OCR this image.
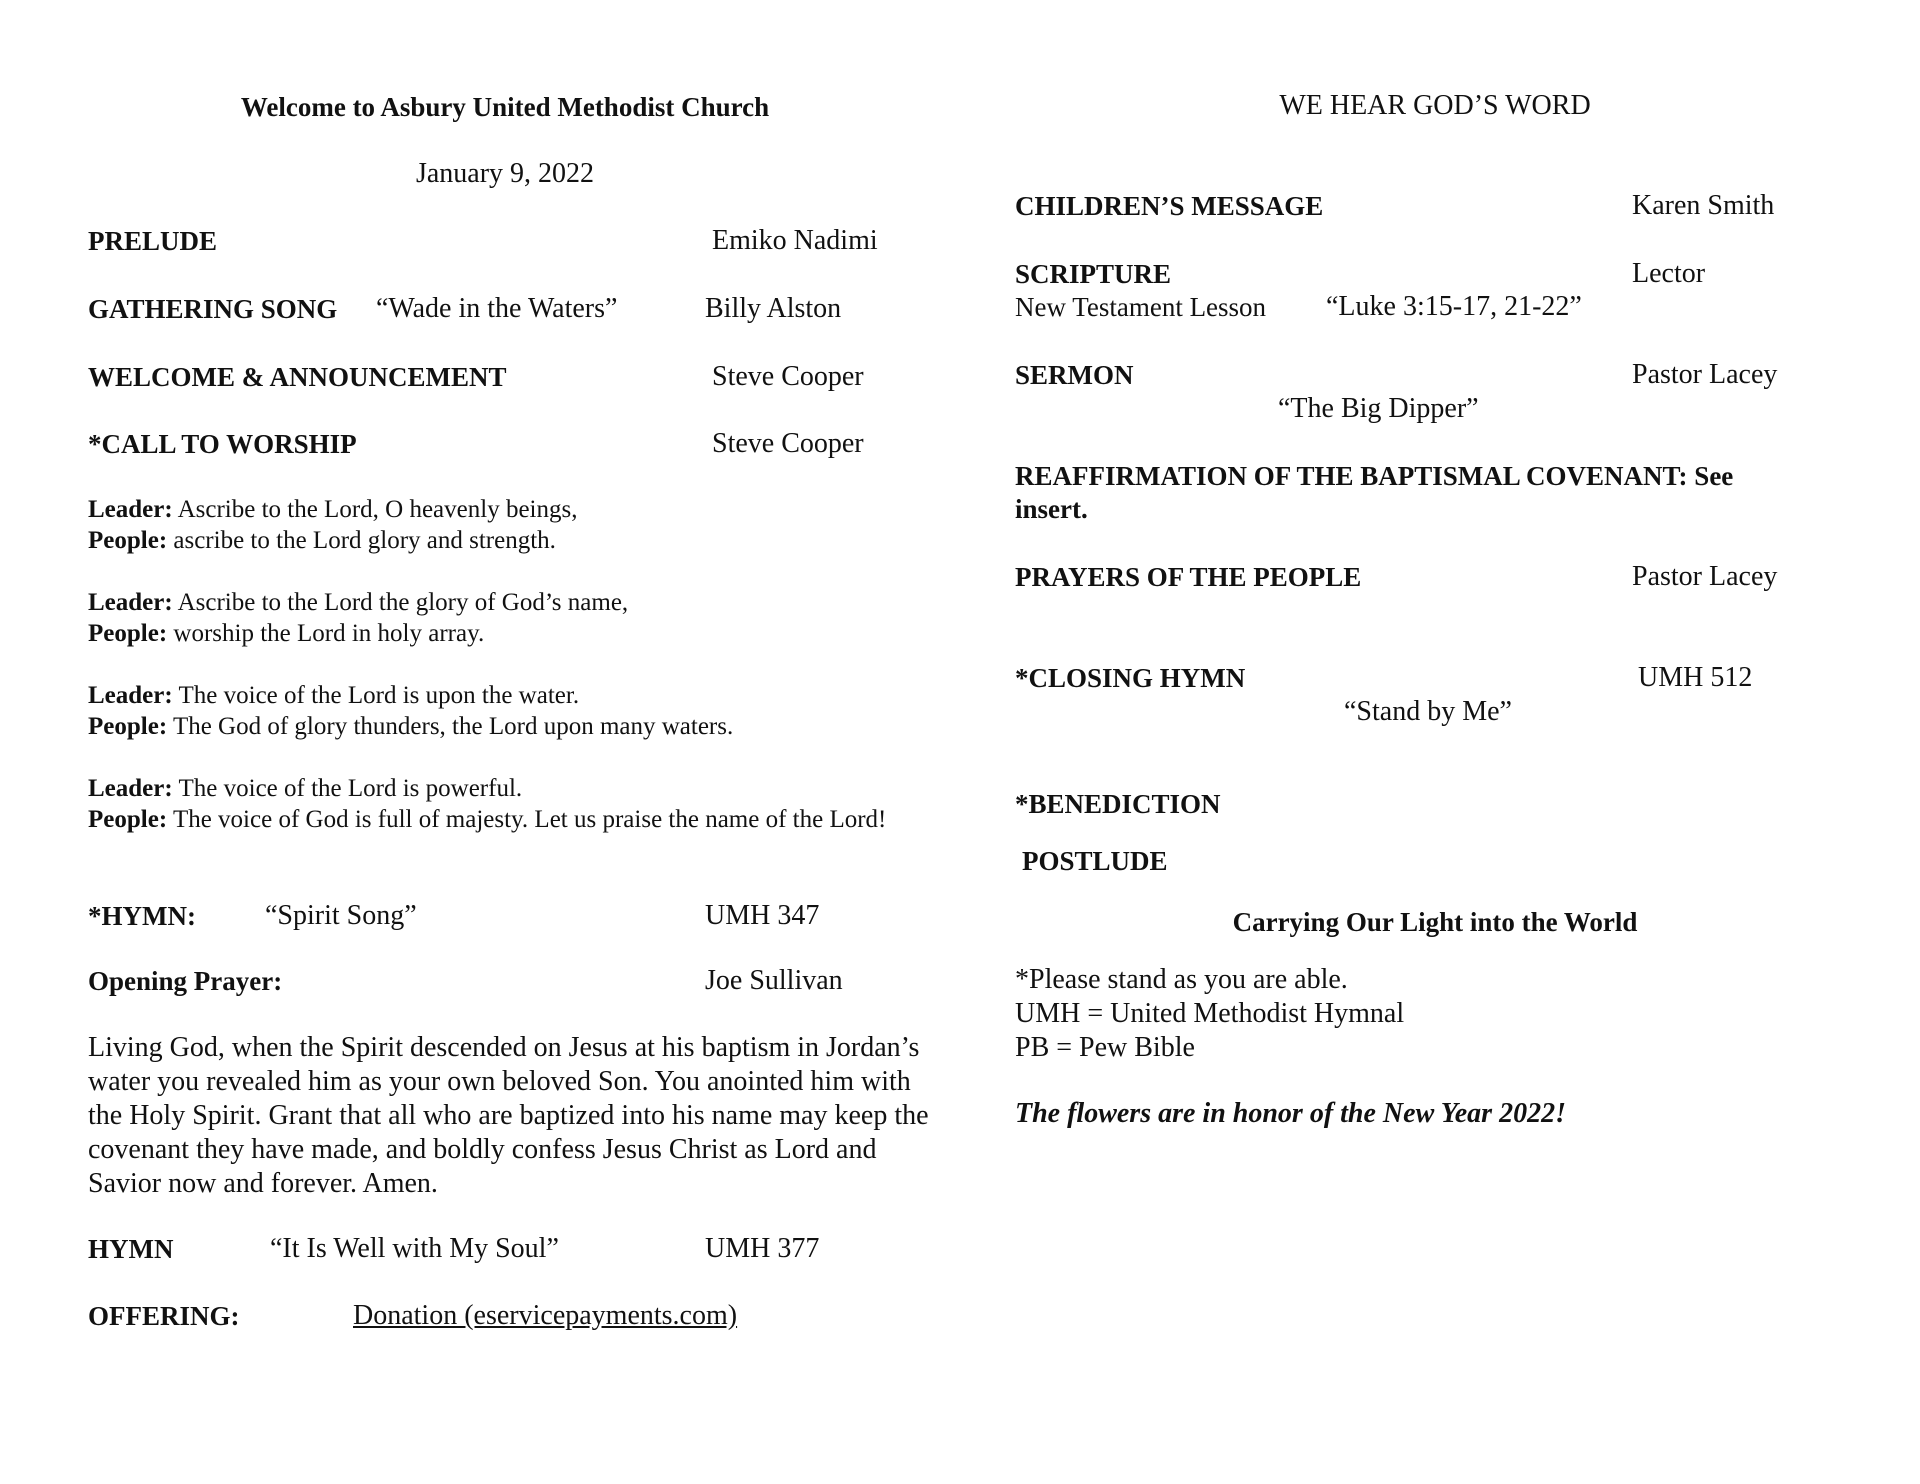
Welcome to Asbury United Methodist Church
January 9, 2022
PRELUDE	Emiko Nadimi
GATHERING SONG “Wade in the Waters”	Billy Alston
WELCOME & ANNOUNCEMENT	Steve Cooper
*CALL TO WORSHIP	Steve Cooper
Leader: Ascribe to the Lord, O heavenly beings,
People: ascribe to the Lord glory and strength.
Leader: Ascribe to the Lord the glory of God’s name,
People: worship the Lord in holy array.
Leader: The voice of the Lord is upon the water.
People: The God of glory thunders, the Lord upon many waters.
Leader: The voice of the Lord is powerful.
People: The voice of God is full of majesty. Let us praise the name of the Lord!
*HYMN: “Spirit Song”	UMH 347
Opening Prayer:	Joe Sullivan
Living God, when the Spirit descended on Jesus at his baptism in Jordan’s water you revealed him as your own beloved Son. You anointed him with the Holy Spirit. Grant that all who are baptized into his name may keep the covenant they have made, and boldly confess Jesus Christ as Lord and Savior now and forever. Amen.
HYMN	“It Is Well with My Soul”	UMH 377
OFFERING:	Donation (eservicepayments.com)
WE HEAR GOD’S WORD
CHILDREN’S MESSAGE	Karen Smith
SCRIPTURE	Lector
New Testament Lesson “Luke 3:15-17, 21-22”
SERMON	Pastor Lacey
“The Big Dipper”
REAFFIRMATION OF THE BAPTISMAL COVENANT: See
insert.
PRAYERS OF THE PEOPLE	Pastor Lacey
*CLOSING HYMN	UMH 512
“Stand by Me”
*BENEDICTION
POSTLUDE
Carrying Our Light into the World
*Please stand as you are able.
UMH = United Methodist Hymnal
PB = Pew Bible
The flowers are in honor of the New Year 2022!
